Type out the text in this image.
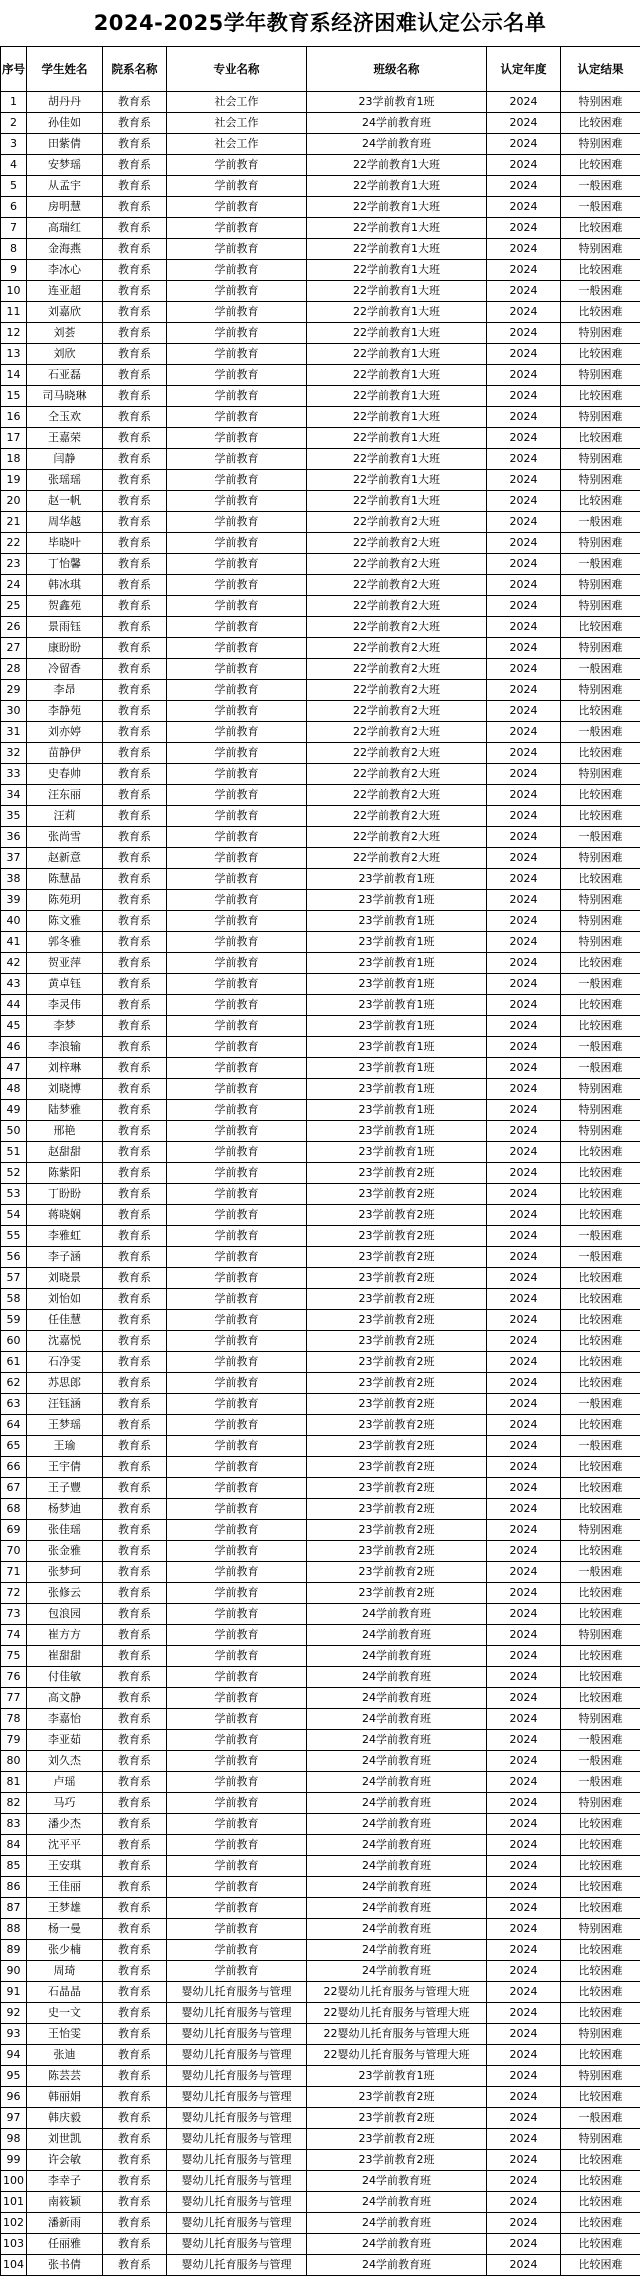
2024-2025学年教育系经济困难认定公示名单
序号	学生姓名	院系名称	专业名称	班级名称	认定年度	认定结果
1	胡丹丹	教育系	社会工作	23学前教育1班	2024	特别困难
2	孙佳如	教育系	社会工作	24学前教育班	2024	比较困难
3	田紫倩	教育系	社会工作	24学前教育班	2024	特别困难
4	安梦瑶	教育系	学前教育	22学前教育1大班	2024	比较困难
5	从孟宇	教育系	学前教育	22学前教育1大班	2024	一般困难
6	房明慧	教育系	学前教育	22学前教育1大班	2024	一般困难
7	高瑞红	教育系	学前教育	22学前教育1大班	2024	比较困难
8	金海燕	教育系	学前教育	22学前教育1大班	2024	特别困难
9	李冰心	教育系	学前教育	22学前教育1大班	2024	比较困难
10	连亚超	教育系	学前教育	22学前教育1大班	2024	一般困难
11	刘嘉欣	教育系	学前教育	22学前教育1大班	2024	比较困难
12	刘荟	教育系	学前教育	22学前教育1大班	2024	特别困难
13	刘欣	教育系	学前教育	22学前教育1大班	2024	比较困难
14	石亚磊	教育系	学前教育	22学前教育1大班	2024	特别困难
15	司马晓琳	教育系	学前教育	22学前教育1大班	2024	比较困难
16	仝玉欢	教育系	学前教育	22学前教育1大班	2024	特别困难
17	王嘉荣	教育系	学前教育	22学前教育1大班	2024	比较困难
18	闫静	教育系	学前教育	22学前教育1大班	2024	特别困难
19	张瑶瑶	教育系	学前教育	22学前教育1大班	2024	特别困难
20	赵一帆	教育系	学前教育	22学前教育1大班	2024	比较困难
21	周华越	教育系	学前教育	22学前教育2大班	2024	一般困难
22	毕晓叶	教育系	学前教育	22学前教育2大班	2024	特别困难
23	丁怡馨	教育系	学前教育	22学前教育2大班	2024	一般困难
24	韩冰琪	教育系	学前教育	22学前教育2大班	2024	特别困难
25	贺鑫苑	教育系	学前教育	22学前教育2大班	2024	特别困难
26	景雨钰	教育系	学前教育	22学前教育2大班	2024	比较困难
27	康盼盼	教育系	学前教育	22学前教育2大班	2024	特别困难
28	冷留香	教育系	学前教育	22学前教育2大班	2024	一般困难
29	李昂	教育系	学前教育	22学前教育2大班	2024	特别困难
30	李静苑	教育系	学前教育	22学前教育2大班	2024	比较困难
31	刘亦婷	教育系	学前教育	22学前教育2大班	2024	一般困难
32	苗静伊	教育系	学前教育	22学前教育2大班	2024	比较困难
33	史春帅	教育系	学前教育	22学前教育2大班	2024	特别困难
34	汪东丽	教育系	学前教育	22学前教育2大班	2024	比较困难
35	汪莉	教育系	学前教育	22学前教育2大班	2024	比较困难
36	张尚雪	教育系	学前教育	22学前教育2大班	2024	一般困难
37	赵新意	教育系	学前教育	22学前教育2大班	2024	特别困难
38	陈慧晶	教育系	学前教育	23学前教育1班	2024	比较困难
39	陈苑玥	教育系	学前教育	23学前教育1班	2024	特别困难
40	陈文雅	教育系	学前教育	23学前教育1班	2024	特别困难
41	郭冬雅	教育系	学前教育	23学前教育1班	2024	特别困难
42	贺亚萍	教育系	学前教育	23学前教育1班	2024	比较困难
43	黄卓钰	教育系	学前教育	23学前教育1班	2024	一般困难
44	李灵伟	教育系	学前教育	23学前教育1班	2024	比较困难
45	李梦	教育系	学前教育	23学前教育1班	2024	比较困难
46	李浪输	教育系	学前教育	23学前教育1班	2024	一般困难
47	刘梓琳	教育系	学前教育	23学前教育1班	2024	一般困难
48	刘晓博	教育系	学前教育	23学前教育1班	2024	特别困难
49	陆梦雅	教育系	学前教育	23学前教育1班	2024	特别困难
50	邢艳	教育系	学前教育	23学前教育1班	2024	特别困难
51	赵甜甜	教育系	学前教育	23学前教育1班	2024	比较困难
52	陈紫阳	教育系	学前教育	23学前教育2班	2024	比较困难
53	丁盼盼	教育系	学前教育	23学前教育2班	2024	比较困难
54	蒋晓娴	教育系	学前教育	23学前教育2班	2024	比较困难
55	李雅虹	教育系	学前教育	23学前教育2班	2024	一般困难
56	李子涵	教育系	学前教育	23学前教育2班	2024	一般困难
57	刘晓景	教育系	学前教育	23学前教育2班	2024	比较困难
58	刘怡如	教育系	学前教育	23学前教育2班	2024	比较困难
59	任佳慧	教育系	学前教育	23学前教育2班	2024	比较困难
60	沈嘉悦	教育系	学前教育	23学前教育2班	2024	比较困难
61	石净雯	教育系	学前教育	23学前教育2班	2024	比较困难
62	苏思郎	教育系	学前教育	23学前教育2班	2024	比较困难
63	汪钰涵	教育系	学前教育	23学前教育2班	2024	一般困难
64	王梦瑶	教育系	学前教育	23学前教育2班	2024	比较困难
65	王瑜	教育系	学前教育	23学前教育2班	2024	一般困难
66	王宇倩	教育系	学前教育	23学前教育2班	2024	比较困难
67	王子豐	教育系	学前教育	23学前教育2班	2024	比较困难
68	杨梦迪	教育系	学前教育	23学前教育2班	2024	比较困难
69	张佳瑶	教育系	学前教育	23学前教育2班	2024	特别困难
70	张金雅	教育系	学前教育	23学前教育2班	2024	比较困难
71	张梦珂	教育系	学前教育	23学前教育2班	2024	一般困难
72	张修云	教育系	学前教育	23学前教育2班	2024	比较困难
73	包浪园	教育系	学前教育	24学前教育班	2024	比较困难
74	崔方方	教育系	学前教育	24学前教育班	2024	特别困难
75	崔甜甜	教育系	学前教育	24学前教育班	2024	比较困难
76	付佳敏	教育系	学前教育	24学前教育班	2024	比较困难
77	高文静	教育系	学前教育	24学前教育班	2024	比较困难
78	李嘉怡	教育系	学前教育	24学前教育班	2024	特别困难
79	李亚茹	教育系	学前教育	24学前教育班	2024	一般困难
80	刘久杰	教育系	学前教育	24学前教育班	2024	一般困难
81	卢瑶	教育系	学前教育	24学前教育班	2024	一般困难
82	马巧	教育系	学前教育	24学前教育班	2024	特别困难
83	潘少杰	教育系	学前教育	24学前教育班	2024	比较困难
84	沈平平	教育系	学前教育	24学前教育班	2024	比较困难
85	王安琪	教育系	学前教育	24学前教育班	2024	比较困难
86	王佳丽	教育系	学前教育	24学前教育班	2024	比较困难
87	王梦雄	教育系	学前教育	24学前教育班	2024	比较困难
88	杨一曼	教育系	学前教育	24学前教育班	2024	特别困难
89	张少楠	教育系	学前教育	24学前教育班	2024	比较困难
90	周琦	教育系	学前教育	24学前教育班	2024	比较困难
91	石晶晶	教育系	婴幼儿托育服务与管理	22婴幼儿托育服务与管理大班	2024	比较困难
92	史一文	教育系	婴幼儿托育服务与管理	22婴幼儿托育服务与管理大班	2024	比较困难
93	王怡雯	教育系	婴幼儿托育服务与管理	22婴幼儿托育服务与管理大班	2024	特别困难
94	张迪	教育系	婴幼儿托育服务与管理	22婴幼儿托育服务与管理大班	2024	比较困难
95	陈芸芸	教育系	婴幼儿托育服务与管理	23学前教育1班	2024	特别困难
96	韩丽娟	教育系	婴幼儿托育服务与管理	23学前教育2班	2024	比较困难
97	韩庆毅	教育系	婴幼儿托育服务与管理	23学前教育2班	2024	一般困难
98	刘世凯	教育系	婴幼儿托育服务与管理	23学前教育2班	2024	特别困难
99	许会敏	教育系	婴幼儿托育服务与管理	23学前教育2班	2024	比较困难
100	李幸子	教育系	婴幼儿托育服务与管理	24学前教育班	2024	比较困难
101	南筱颖	教育系	婴幼儿托育服务与管理	24学前教育班	2024	比较困难
102	潘新雨	教育系	婴幼儿托育服务与管理	24学前教育班	2024	比较困难
103	任丽雅	教育系	婴幼儿托育服务与管理	24学前教育班	2024	比较困难
104	张书倩	教育系	婴幼儿托育服务与管理	24学前教育班	2024	比较困难
